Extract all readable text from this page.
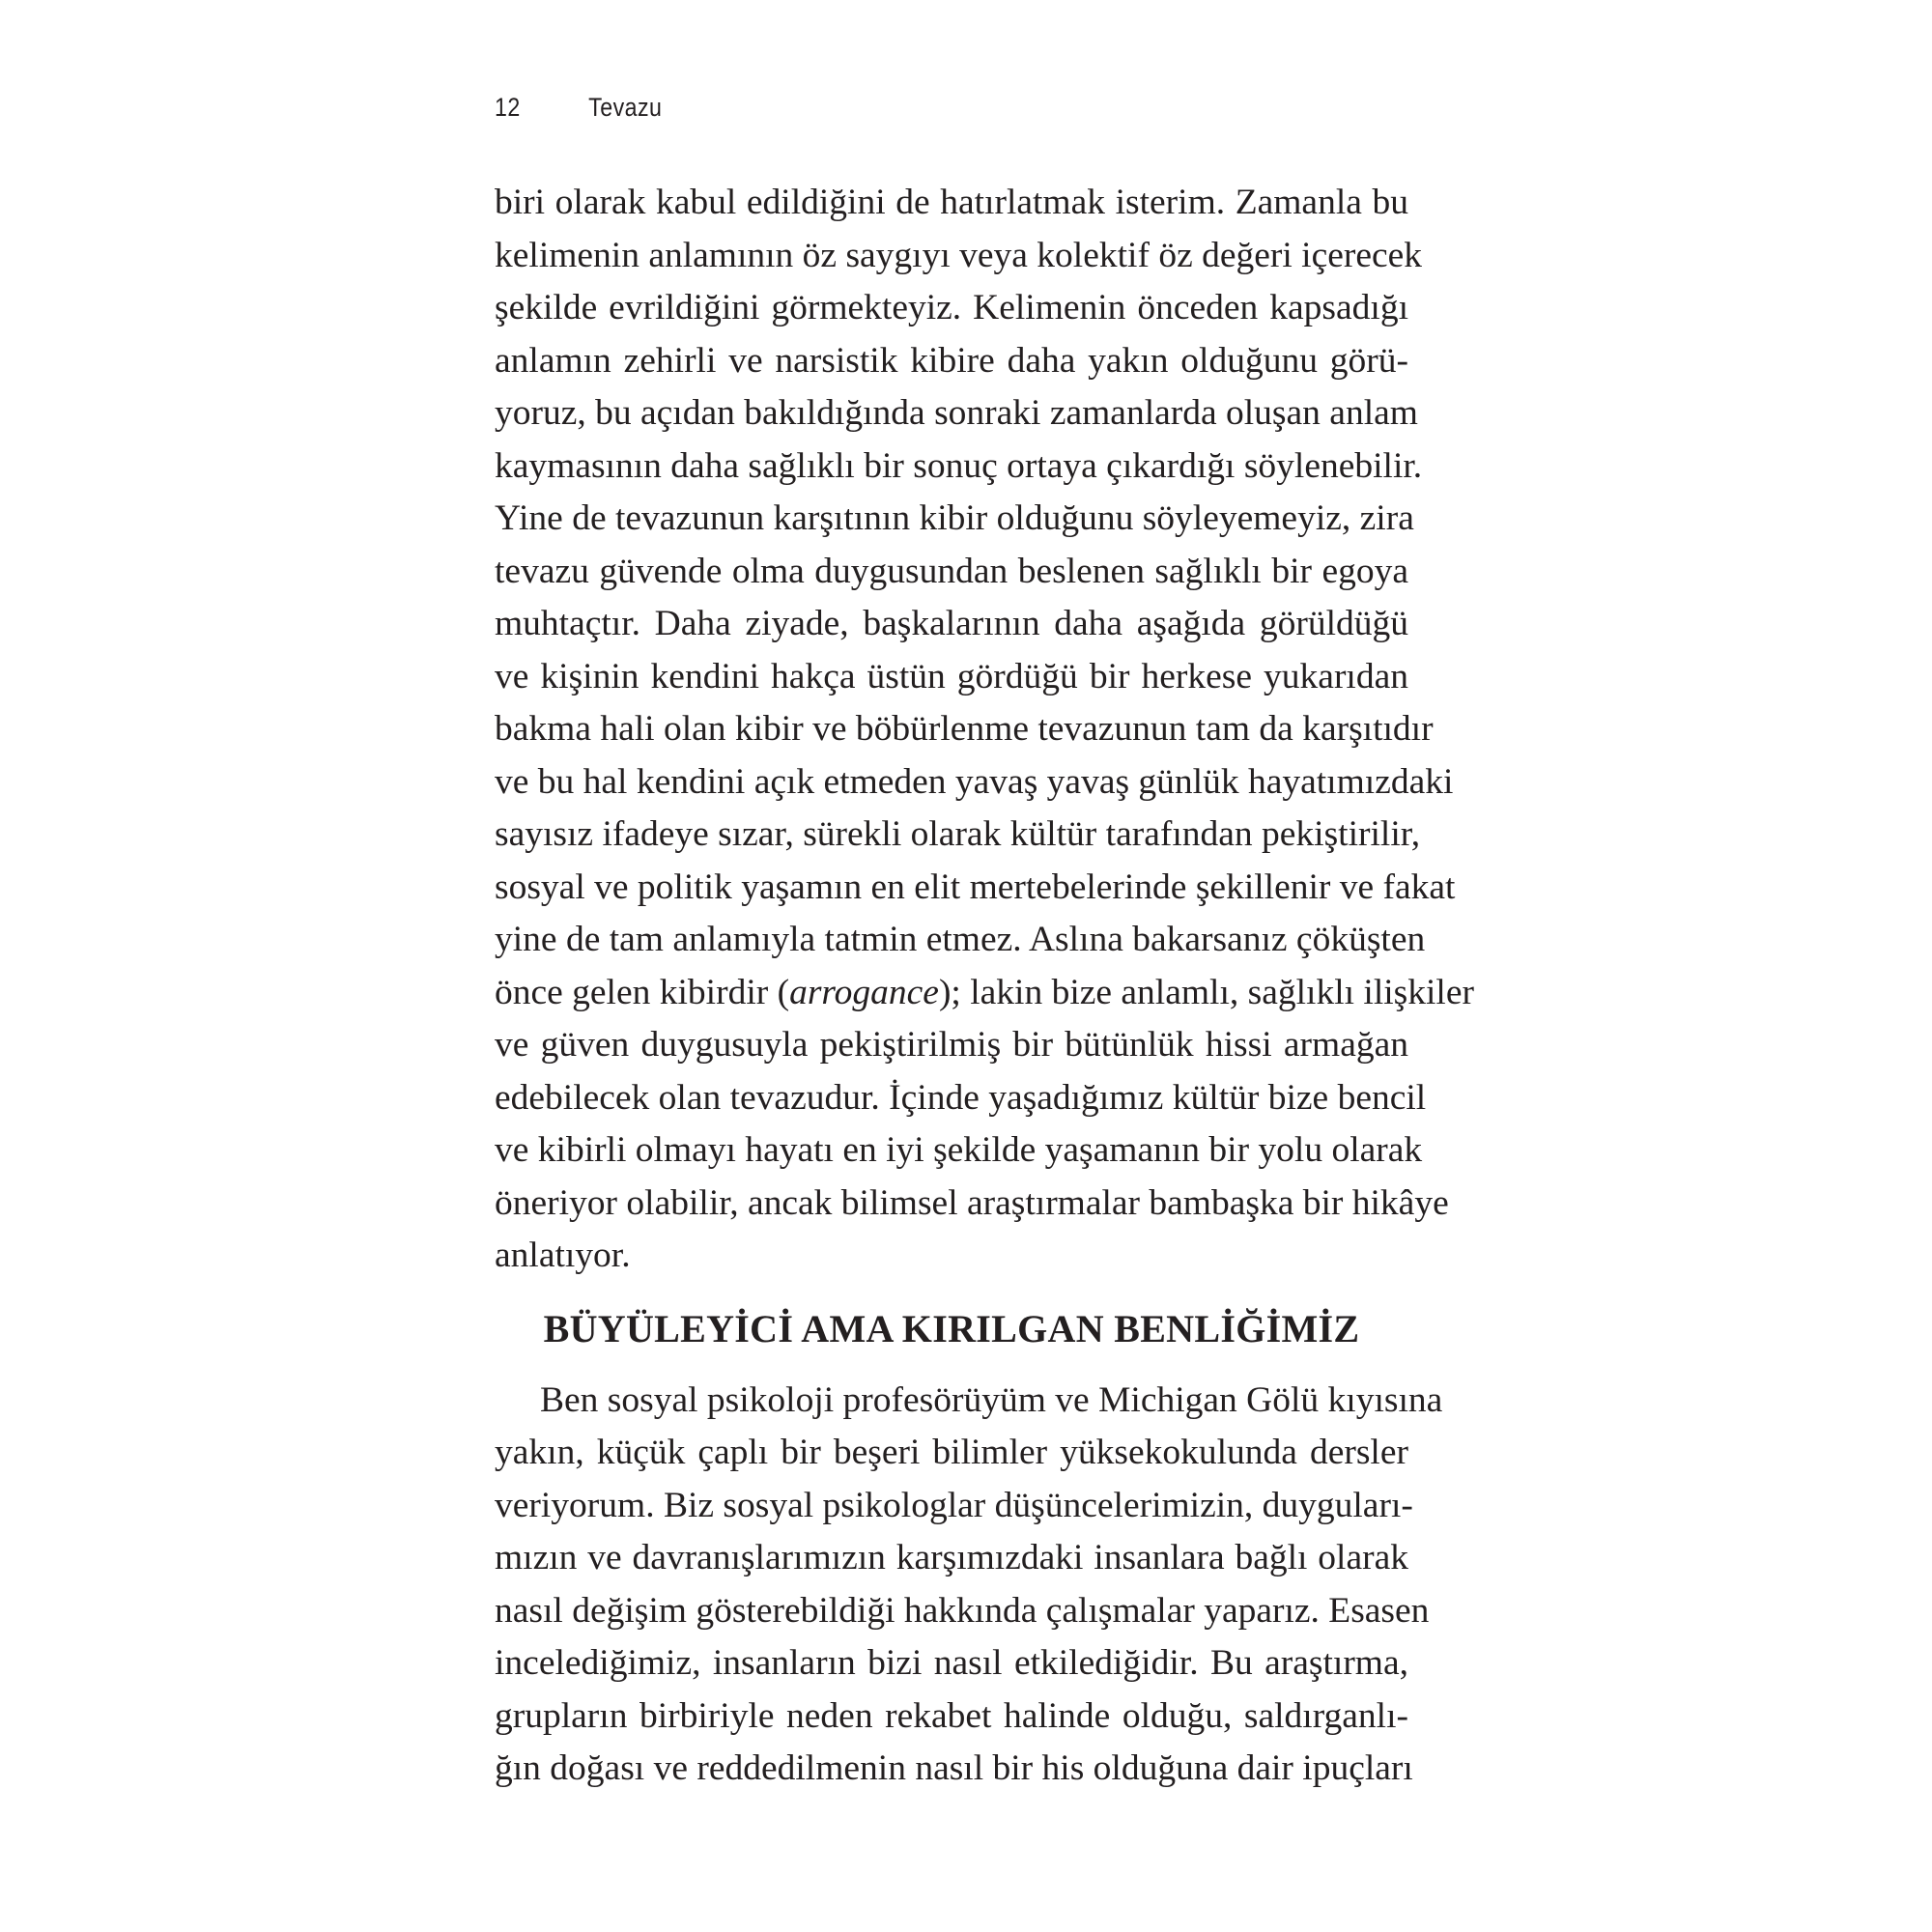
12	Tevazu
biri olarak kabul edildiğini de hatırlatmak isterim. Zamanla bu
kelimenin anlamının öz saygıyı veya kolektif öz değeri içerecek
şekilde evrildiğini görmekteyiz. Kelimenin önceden kapsadığı
anlamın zehirli ve narsistik kibire daha yakın olduğunu görü-
yoruz, bu açıdan bakıldığında sonraki zamanlarda oluşan anlam
kaymasının daha sağlıklı bir sonuç ortaya çıkardığı söylenebilir.
Yine de tevazunun karşıtının kibir olduğunu söyleyemeyiz, zira
tevazu güvende olma duygusundan beslenen sağlıklı bir egoya
muhtaçtır. Daha ziyade, başkalarının daha aşağıda görüldüğü
ve kişinin kendini hakça üstün gördüğü bir herkese yukarıdan
bakma hali olan kibir ve böbürlenme tevazunun tam da karşıtıdır
ve bu hal kendini açık etmeden yavaş yavaş günlük hayatımızdaki
sayısız ifadeye sızar, sürekli olarak kültür tarafından pekiştirilir,
sosyal ve politik yaşamın en elit mertebelerinde şekillenir ve fakat
yine de tam anlamıyla tatmin etmez. Aslına bakarsanız çöküşten
önce gelen kibirdir (arrogance); lakin bize anlamlı, sağlıklı ilişkiler
ve güven duygusuyla pekiştirilmiş bir bütünlük hissi armağan
edebilecek olan tevazudur. İçinde yaşadığımız kültür bize bencil
ve kibirli olmayı hayatı en iyi şekilde yaşamanın bir yolu olarak
öneriyor olabilir, ancak bilimsel araştırmalar bambaşka bir hikâye
anlatıyor.
BÜYÜLEYİCİ AMA KIRILGAN BENLİĞİMİZ
Ben sosyal psikoloji profesörüyüm ve Michigan Gölü kıyısına
yakın, küçük çaplı bir beşeri bilimler yüksekokulunda dersler
veriyorum. Biz sosyal psikologlar düşüncelerimizin, duyguları-
mızın ve davranışlarımızın karşımızdaki insanlara bağlı olarak
nasıl değişim gösterebildiği hakkında çalışmalar yaparız. Esasen
incelediğimiz, insanların bizi nasıl etkilediğidir. Bu araştırma,
grupların birbiriyle neden rekabet halinde olduğu, saldırganlı-
ğın doğası ve reddedilmenin nasıl bir his olduğuna dair ipuçları
